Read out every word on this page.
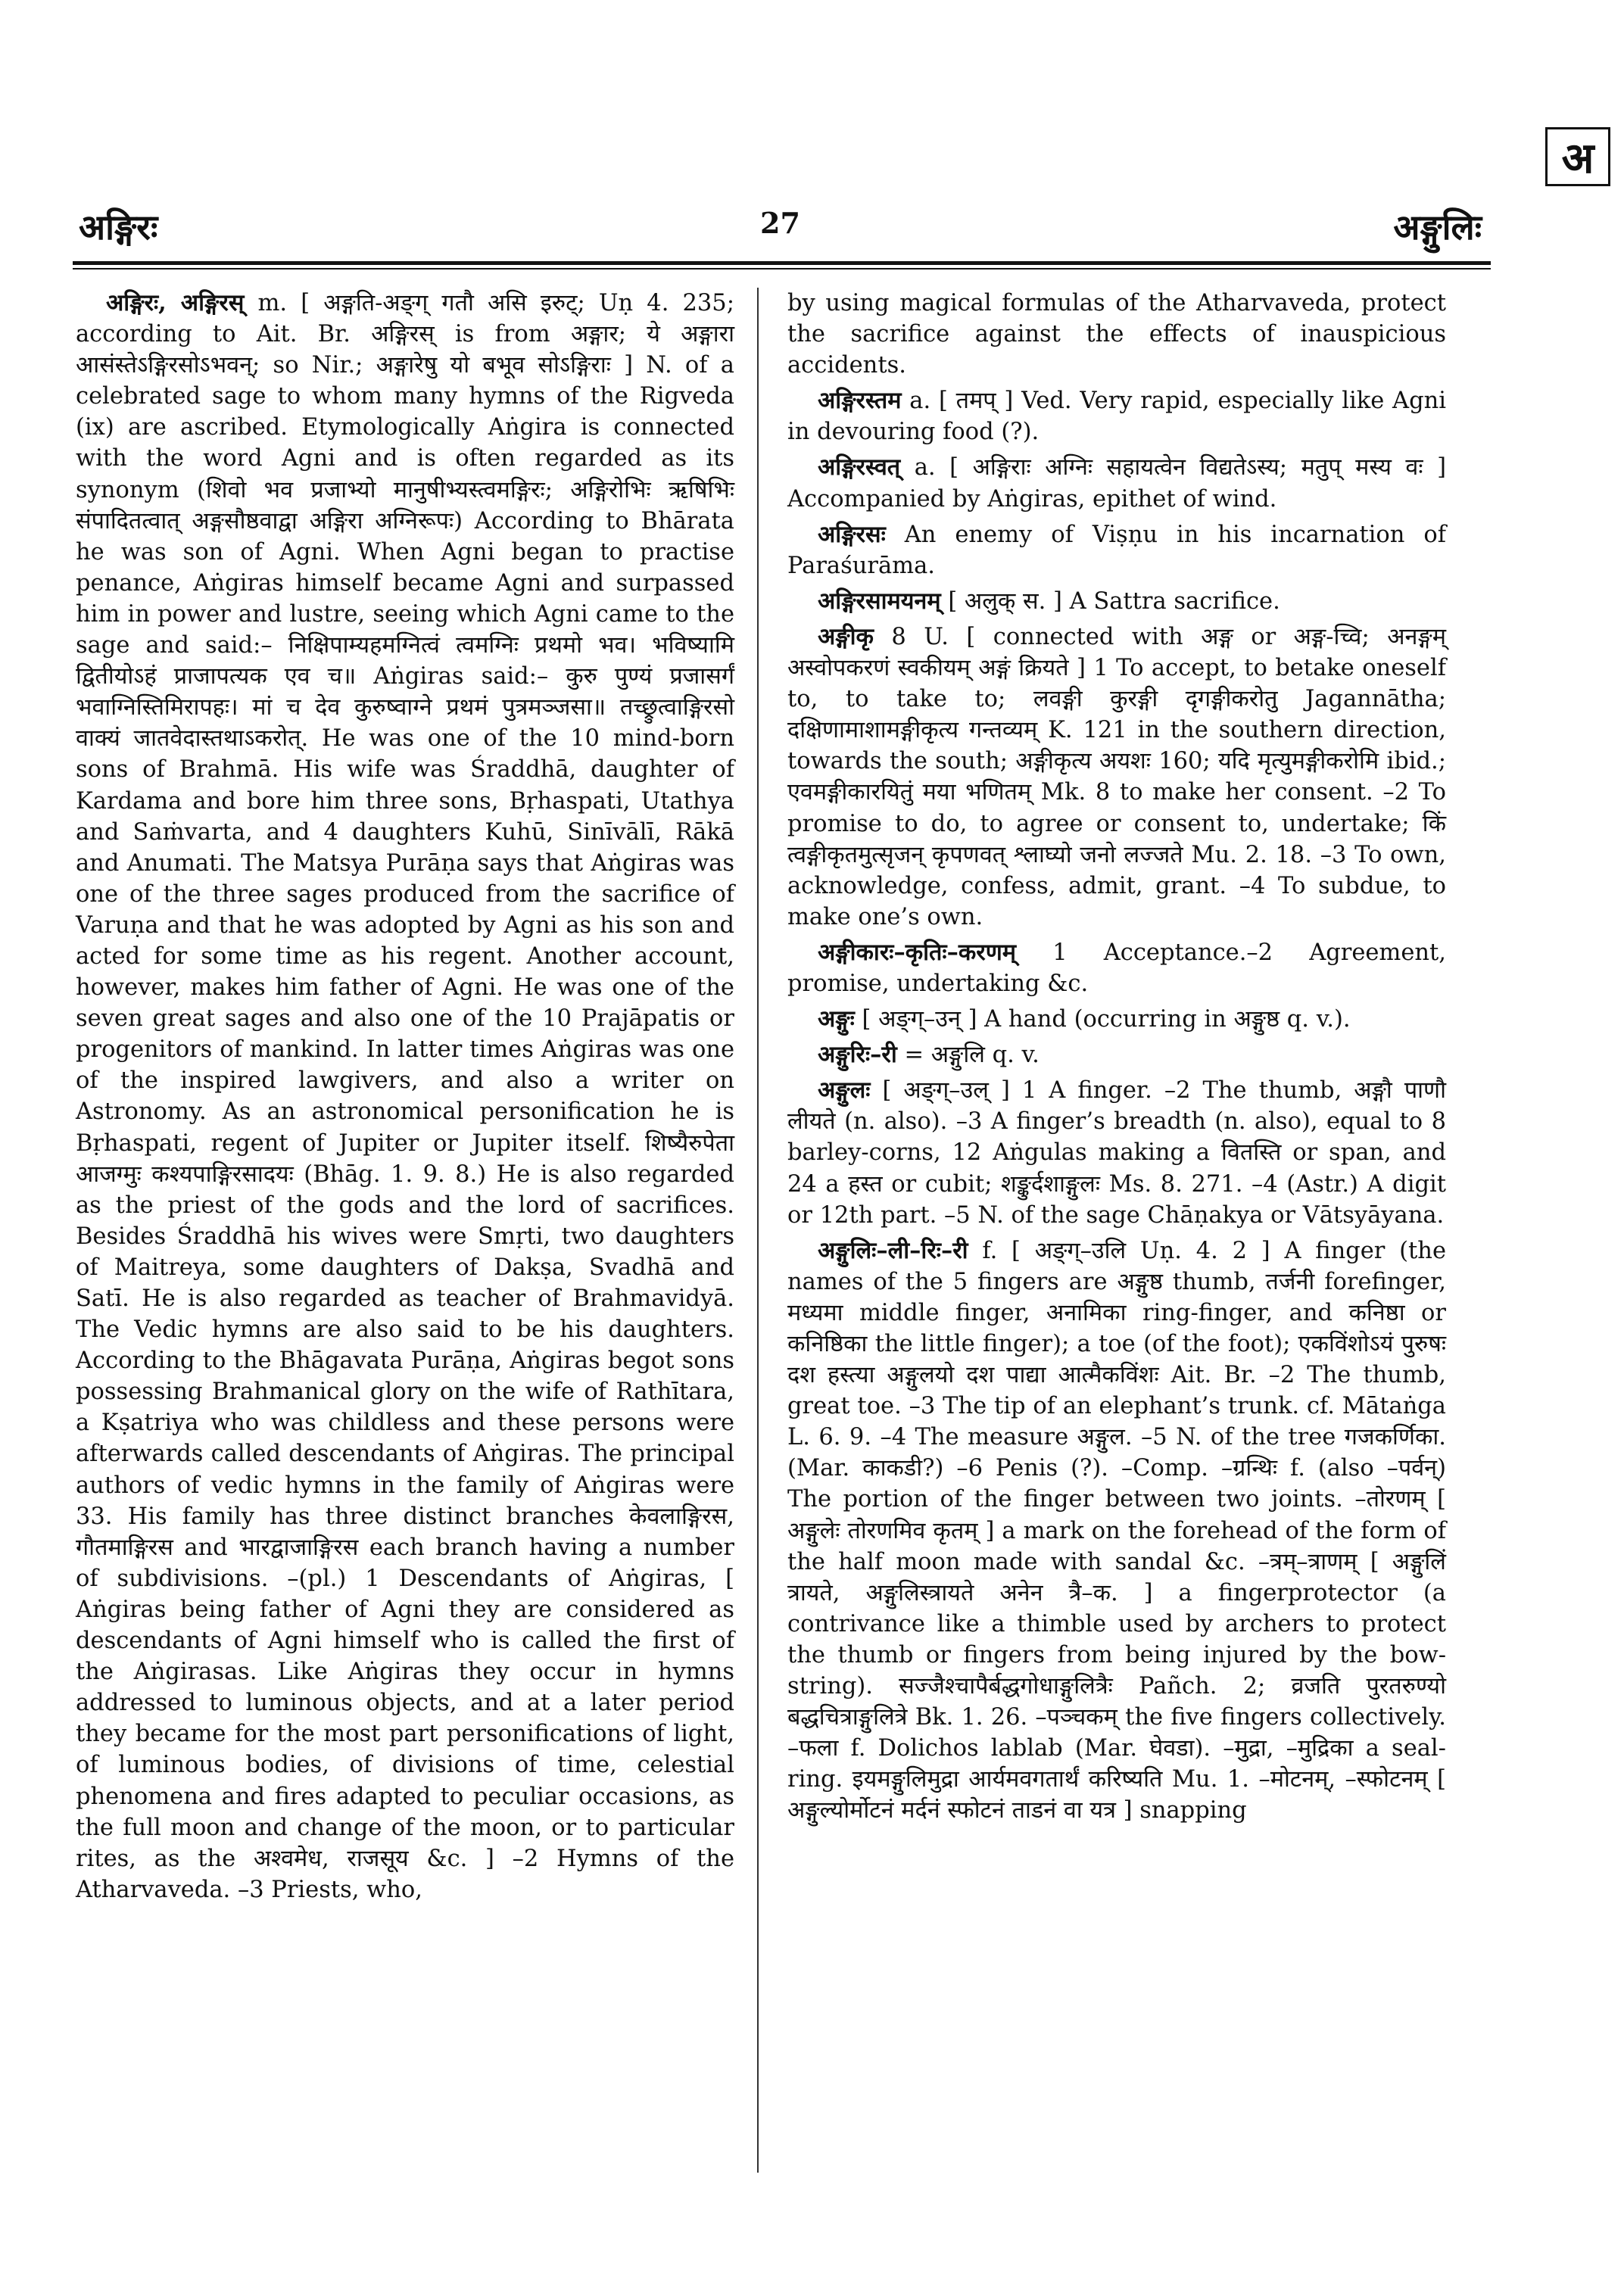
अ
अङ्गिरः	27	अङ्गुलिः

अङ्गिरः, अङ्गिरस् m. [ अङ्गति-अङ्ग् गतौ असि इरुट्; Uṇ 4. 235; according to Ait. Br. अङ्गिरस् is from अङ्गार; ये अङ्गारा आसंस्तेऽङ्गिरसोऽभवन्; so Nir.; अङ्गारेषु यो बभूव सोऽङ्गिराः ] N. of a celebrated sage to whom many hymns of the Rigveda (ix) are ascribed. Etymologically Aṅgira is connected with the word Agni and is often regarded as its synonym (शिवो भव प्रजाभ्यो मानुषीभ्यस्त्वमङ्गिरः; अङ्गिरोभिः ऋषिभिः संपादितत्वात् अङ्गसौष्ठवाद्वा अङ्गिरा अग्निरूपः) According to Bhārata he was son of Agni. When Agni began to practise penance, Aṅgiras himself became Agni and surpassed him in power and lustre, seeing which Agni came to the sage and said:– निक्षिपाम्यहमग्नित्वं त्वमग्निः प्रथमो भव। भविष्यामि द्वितीयोऽहं प्राजापत्यक एव च॥ Aṅgiras said:– कुरु पुण्यं प्रजासर्गं भवाग्निस्तिमिरापहः। मां च देव कुरुष्वाग्ने प्रथमं पुत्रमञ्जसा॥ तच्छ्रुत्वाङ्गिरसो वाक्यं जातवेदास्तथाऽकरोत्. He was one of the 10 mind-born sons of Brahmā. His wife was Śraddhā, daughter of Kardama and bore him three sons, Bṛhaspati, Utathya and Saṁvarta, and 4 daughters Kuhū, Sinīvālī, Rākā and Anumati. The Matsya Purāṇa says that Aṅgiras was one of the three sages produced from the sacrifice of Varuṇa and that he was adopted by Agni as his son and acted for some time as his regent. Another account, however, makes him father of Agni. He was one of the seven great sages and also one of the 10 Prajāpatis or progenitors of mankind. In latter times Aṅgiras was one of the inspired lawgivers, and also a writer on Astronomy. As an astronomical personification he is Bṛhaspati, regent of Jupiter or Jupiter itself. शिष्यैरुपेता आजग्मुः कश्यपाङ्गिरसादयः (Bhāg. 1. 9. 8.) He is also regarded as the priest of the gods and the lord of sacrifices. Besides Śraddhā his wives were Smṛti, two daughters of Maitreya, some daughters of Dakṣa, Svadhā and Satī. He is also regarded as teacher of Brahmavidyā. The Vedic hymns are also said to be his daughters. According to the Bhāgavata Purāṇa, Aṅgiras begot sons possessing Brahmanical glory on the wife of Rathītara, a Kṣatriya who was childless and these persons were afterwards called descendants of Aṅgiras. The principal authors of vedic hymns in the family of Aṅgiras were 33. His family has three distinct branches केवलाङ्गिरस, गौतमाङ्गिरस and भारद्वाजाङ्गिरस each branch having a number of subdivisions. –(pl.) 1 Descendants of Aṅgiras, [ Aṅgiras being father of Agni they are considered as descendants of Agni himself who is called the first of the Aṅgirasas. Like Aṅgiras they occur in hymns addressed to luminous objects, and at a later period they became for the most part personifications of light, of luminous bodies, of divisions of time, celestial phenomena and fires adapted to peculiar occasions, as the full moon and change of the moon, or to particular rites, as the अश्वमेध, राजसूय &c. ] –2 Hymns of the Atharvaveda. –3 Priests, who,

by using magical formulas of the Atharvaveda, protect the sacrifice against the effects of inauspicious accidents.

अङ्गिरस्तम a. [ तमप् ] Ved. Very rapid, especially like Agni in devouring food (?).

अङ्गिरस्वत् a. [ अङ्गिराः अग्निः सहायत्वेन विद्यतेऽस्य; मतुप् मस्य वः ] Accompanied by Aṅgiras, epithet of wind.

अङ्गिरसः An enemy of Viṣṇu in his incarnation of Paraśurāma.

अङ्गिरसामयनम् [ अलुक् स. ] A Sattra sacrifice.

अङ्गीकृ 8 U. [ connected with अङ्ग or अङ्ग-च्वि; अनङ्गम् अस्वोपकरणं स्वकीयम् अङ्गं क्रियते ] 1 To accept, to betake oneself to, to take to; लवङ्गी कुरङ्गी दृगङ्गीकरोतु Jagannātha; दक्षिणामाशामङ्गीकृत्य गन्तव्यम् K. 121 in the southern direction, towards the south; अङ्गीकृत्य अयशः 160; यदि मृत्युमङ्गीकरोमि ibid.; एवमङ्गीकारयितुं मया भणितम् Mk. 8 to make her consent. –2 To promise to do, to agree or consent to, undertake; किं त्वङ्गीकृतमुत्सृजन् कृपणवत् श्लाघ्यो जनो लज्जते Mu. 2. 18. –3 To own, acknowledge, confess, admit, grant. –4 To subdue, to make one’s own.

अङ्गीकारः–कृतिः–करणम् 1 Acceptance.–2 Agreement, promise, undertaking &c.

अङ्गुः [ अङ्ग्–उन् ] A hand (occurring in अङ्गुष्ठ q. v.).

अङ्गुरिः–री = अङ्गुलि q. v.

अङ्गुलः [ अङ्ग्–उल् ] 1 A finger. –2 The thumb, अङ्गौ पाणौ लीयते (n. also). –3 A finger’s breadth (n. also), equal to 8 barley-corns, 12 Aṅgulas making a वितस्ति or span, and 24 a हस्त or cubit; शङ्कुर्दशाङ्गुलः Ms. 8. 271. –4 (Astr.) A digit or 12th part. –5 N. of the sage Chāṇakya or Vātsyāyana.

अङ्गुलिः–ली–रिः–री f. [ अङ्ग्–उलि Uṇ. 4. 2 ] A finger (the names of the 5 fingers are अङ्गुष्ठ thumb, तर्जनी forefinger, मध्यमा middle finger, अनामिका ring-finger, and कनिष्ठा or कनिष्ठिका the little finger); a toe (of the foot); एकविंशोऽयं पुरुषः दश हस्त्या अङ्गुलयो दश पाद्या आत्मैकविंशः Ait. Br. –2 The thumb, great toe. –3 The tip of an elephant’s trunk. cf. Mātaṅga L. 6. 9. –4 The measure अङ्गुल. –5 N. of the tree गजकर्णिका. (Mar. काकडी?) –6 Penis (?). –Comp. –ग्रन्थिः f. (also –पर्वन्) The portion of the finger between two joints. –तोरणम् [ अङ्गुलेः तोरणमिव कृतम् ] a mark on the forehead of the form of the half moon made with sandal &c. –त्रम्–त्राणम् [ अङ्गुलिं त्रायते, अङ्गुलिस्त्रायते अनेन त्रै–क. ] a fingerprotector (a contrivance like a thimble used by archers to protect the thumb or fingers from being injured by the bow-string). सज्जैश्चापैर्बद्धगोधाङ्गुलित्रैः Pañch. 2; व्रजति पुरतरुण्यो बद्धचित्राङ्गुलित्रे Bk. 1. 26. –पञ्चकम् the five fingers collectively. –फला f. Dolichos lablab (Mar. घेवडा). –मुद्रा, –मुद्रिका a seal-ring. इयमङ्गुलिमुद्रा आर्यमवगतार्थं करिष्यति Mu. 1. –मोटनम्, –स्फोटनम् [ अङ्गुल्योर्मोटनं मर्दनं स्फोटनं ताडनं वा यत्र ] snapping
